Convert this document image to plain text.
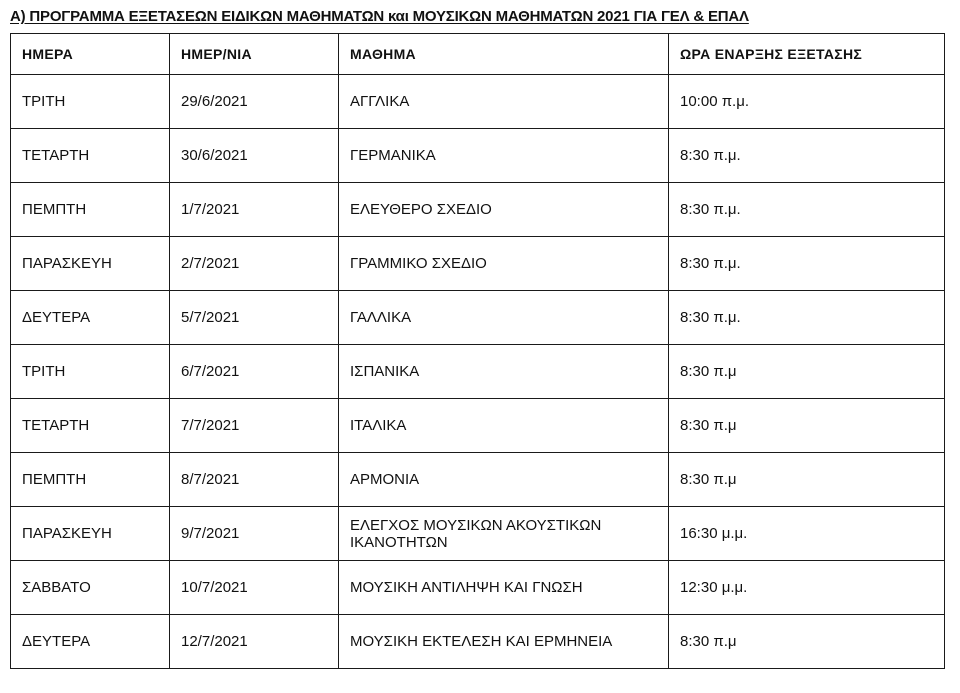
Α) ΠΡΟΓΡΑΜΜΑ ΕΞΕΤΑΣΕΩΝ ΕΙΔΙΚΩΝ ΜΑΘΗΜΑΤΩΝ και ΜΟΥΣΙΚΩΝ ΜΑΘΗΜΑΤΩΝ 2021 ΓΙΑ ΓΕΛ & ΕΠΑΛ
ΗΜΕΡΑ	ΗΜΕΡ/ΝΙΑ	ΜΑΘΗΜΑ	ΩΡΑ ΕΝΑΡΞΗΣ ΕΞΕΤΑΣΗΣ
ΤΡΙΤΗ	29/6/2021	ΑΓΓΛΙΚΑ	10:00 π.μ.
ΤΕΤΑΡΤΗ	30/6/2021	ΓΕΡΜΑΝΙΚΑ	8:30 π.μ.
ΠΕΜΠΤΗ	1/7/2021	ΕΛΕΥΘΕΡΟ ΣΧΕΔΙΟ	8:30 π.μ.
ΠΑΡΑΣΚΕΥΗ	2/7/2021	ΓΡΑΜΜΙΚΟ ΣΧΕΔΙΟ	8:30 π.μ.
ΔΕΥΤΕΡΑ	5/7/2021	ΓΑΛΛΙΚΑ	8:30 π.μ.
ΤΡΙΤΗ	6/7/2021	ΙΣΠΑΝΙΚΑ	8:30 π.μ
ΤΕΤΑΡΤΗ	7/7/2021	ΙΤΑΛΙΚΑ	8:30 π.μ
ΠΕΜΠΤΗ	8/7/2021	ΑΡΜΟΝΙΑ	8:30 π.μ
ΠΑΡΑΣΚΕΥΗ	9/7/2021	ΕΛΕΓΧΟΣ ΜΟΥΣΙΚΩΝ ΑΚΟΥΣΤΙΚΩΝ ΙΚΑΝΟΤΗΤΩΝ	16:30 μ.μ.
ΣΑΒΒΑΤΟ	10/7/2021	ΜΟΥΣΙΚΗ ΑΝΤΙΛΗΨΗ ΚΑΙ ΓΝΩΣΗ	12:30 μ.μ.
ΔΕΥΤΕΡΑ	12/7/2021	ΜΟΥΣΙΚΗ ΕΚΤΕΛΕΣΗ ΚΑΙ ΕΡΜΗΝΕΙΑ	8:30 π.μ
